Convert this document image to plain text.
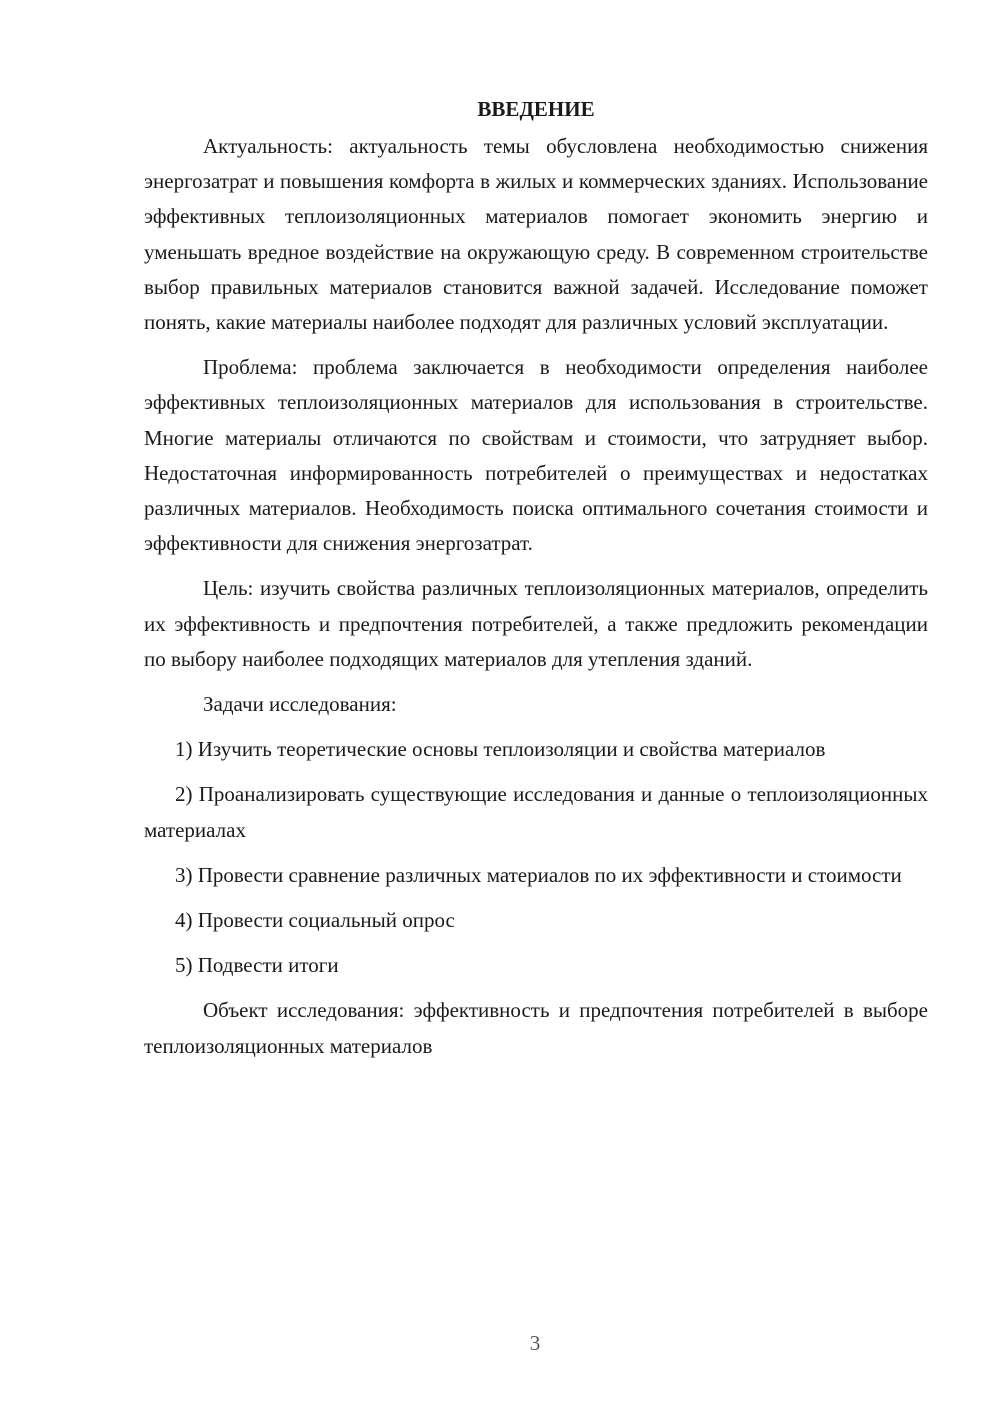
ВВЕДЕНИЕ

Актуальность: актуальность темы обусловлена необходимостью снижения энергозатрат и повышения комфорта в жилых и коммерческих зданиях. Использование эффективных теплоизоляционных материалов помогает экономить энергию и уменьшать вредное воздействие на окружающую среду. В современном строительстве выбор правильных материалов становится важной задачей. Исследование поможет понять, какие материалы наиболее подходят для различных условий эксплуатации.

Проблема: проблема заключается в необходимости определения наиболее эффективных теплоизоляционных материалов для использования в строительстве. Многие материалы отличаются по свойствам и стоимости, что затрудняет выбор. Недостаточная информированность потребителей о преимуществах и недостатках различных материалов. Необходимость поиска оптимального сочетания стоимости и эффективности для снижения энергозатрат.

Цель: изучить свойства различных теплоизоляционных материалов, определить их эффективность и предпочтения потребителей, а также предложить рекомендации по выбору наиболее подходящих материалов для утепления зданий.

Задачи исследования:

1) Изучить теоретические основы теплоизоляции и свойства материалов

2) Проанализировать существующие исследования и данные о теплоизоляционных материалах

3) Провести сравнение различных материалов по их эффективности и стоимости

4) Провести социальный опрос

5) Подвести итоги

Объект исследования: эффективность и предпочтения потребителей в выборе теплоизоляционных материалов

3
